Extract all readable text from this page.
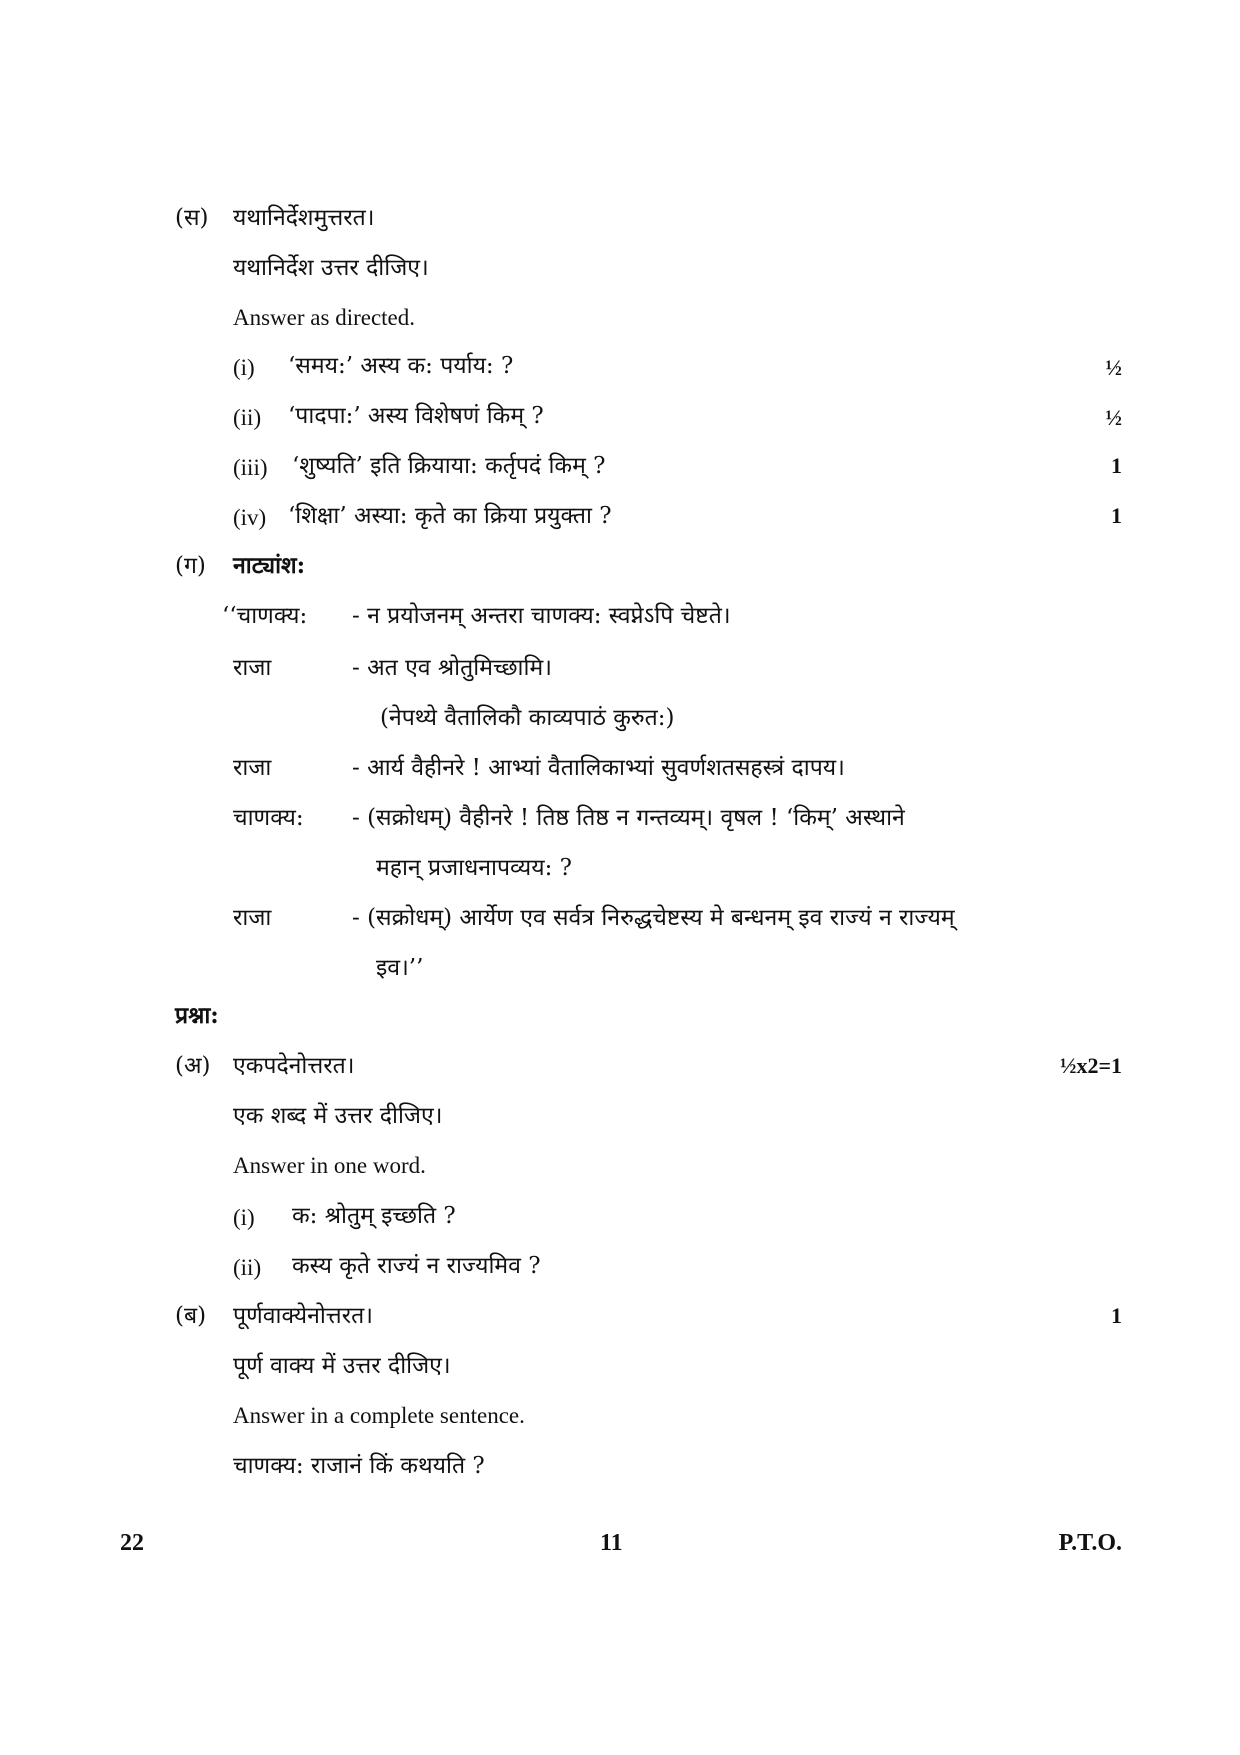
(स) यथानिर्देशमुत्तरत।
यथानिर्देश उत्तर दीजिए।
Answer as directed.
(i) ‘समय:’ अस्य क: पर्याय: ?	½
(ii) ‘पादपा:’ अस्य विशेषणं किम् ?	½
(iii) ‘शुष्यति’ इति क्रियाया: कर्तृपदं किम् ?	1
(iv) ‘शिक्षा’ अस्या: कृते का क्रिया प्रयुक्ता ?	1
(ग) नाट्यांश:
‘‘चाणक्य: - न प्रयोजनम् अन्तरा चाणक्य: स्वप्नेऽपि चेष्टते।
राजा	- अत एव श्रोतुमिच्छामि।
(नेपथ्ये वैतालिकौ काव्यपाठं कुरुत:)
राजा	- आर्य वैहीनरे ! आभ्यां वैतालिकाभ्यां सुवर्णशतसहस्त्रं दापय।
चाणक्य: - (सक्रोधम्) वैहीनरे ! तिष्ठ तिष्ठ न गन्तव्यम्। वृषल ! ‘किम्’ अस्थाने
महान् प्रजाधनापव्यय: ?
राजा	- (सक्रोधम्) आर्येण एव सर्वत्र निरुद्धचेष्टस्य मे बन्धनम् इव राज्यं न राज्यम्
इव।’’
प्रश्ना:
(अ) एकपदेनोत्तरत।	½x2=1
एक शब्द में उत्तर दीजिए।
Answer in one word.
(i) क: श्रोतुम् इच्छति ?
(ii) कस्य कृते राज्यं न राज्यमिव ?
(ब) पूर्णवाक्येनोत्तरत।	1
पूर्ण वाक्य में उत्तर दीजिए।
Answer in a complete sentence.
चाणक्य: राजानं किं कथयति ?
22	11	P.T.O.
